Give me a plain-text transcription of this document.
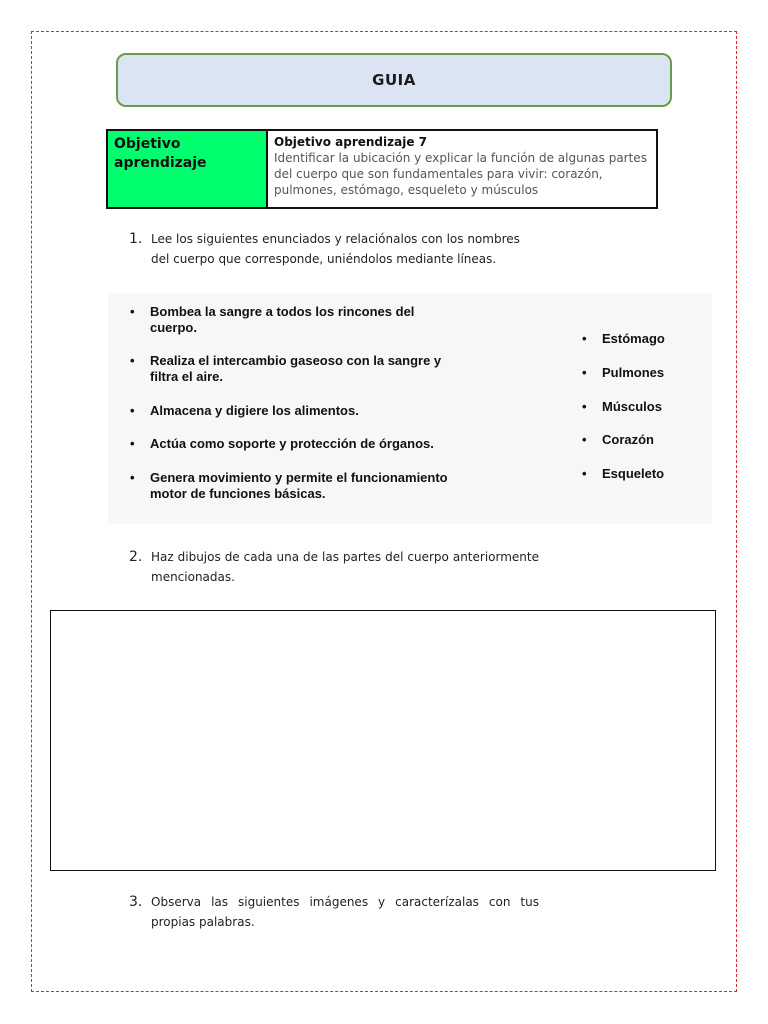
GUIA
Objetivo aprendizaje
Objetivo aprendizaje 7
Identificar la ubicación y explicar la función de algunas partes del cuerpo que son fundamentales para vivir: corazón, pulmones, estómago, esqueleto y músculos
1. Lee los siguientes enunciados y relaciónalos con los nombres del cuerpo que corresponde, uniéndolos mediante líneas.
•	Bombea la sangre a todos los rincones del cuerpo.
•	Realiza el intercambio gaseoso con la sangre y filtra el aire.
•	Almacena y digiere los alimentos.
•	Actúa como soporte y protección de órganos.
•	Genera movimiento y permite el funcionamiento motor de funciones básicas.
•	Estómago
•	Pulmones
•	Músculos
•	Corazón
•	Esqueleto
2. Haz dibujos de cada una de las partes del cuerpo anteriormente mencionadas.
3. Observa las siguientes imágenes y caracterízalas con tus propias palabras.
